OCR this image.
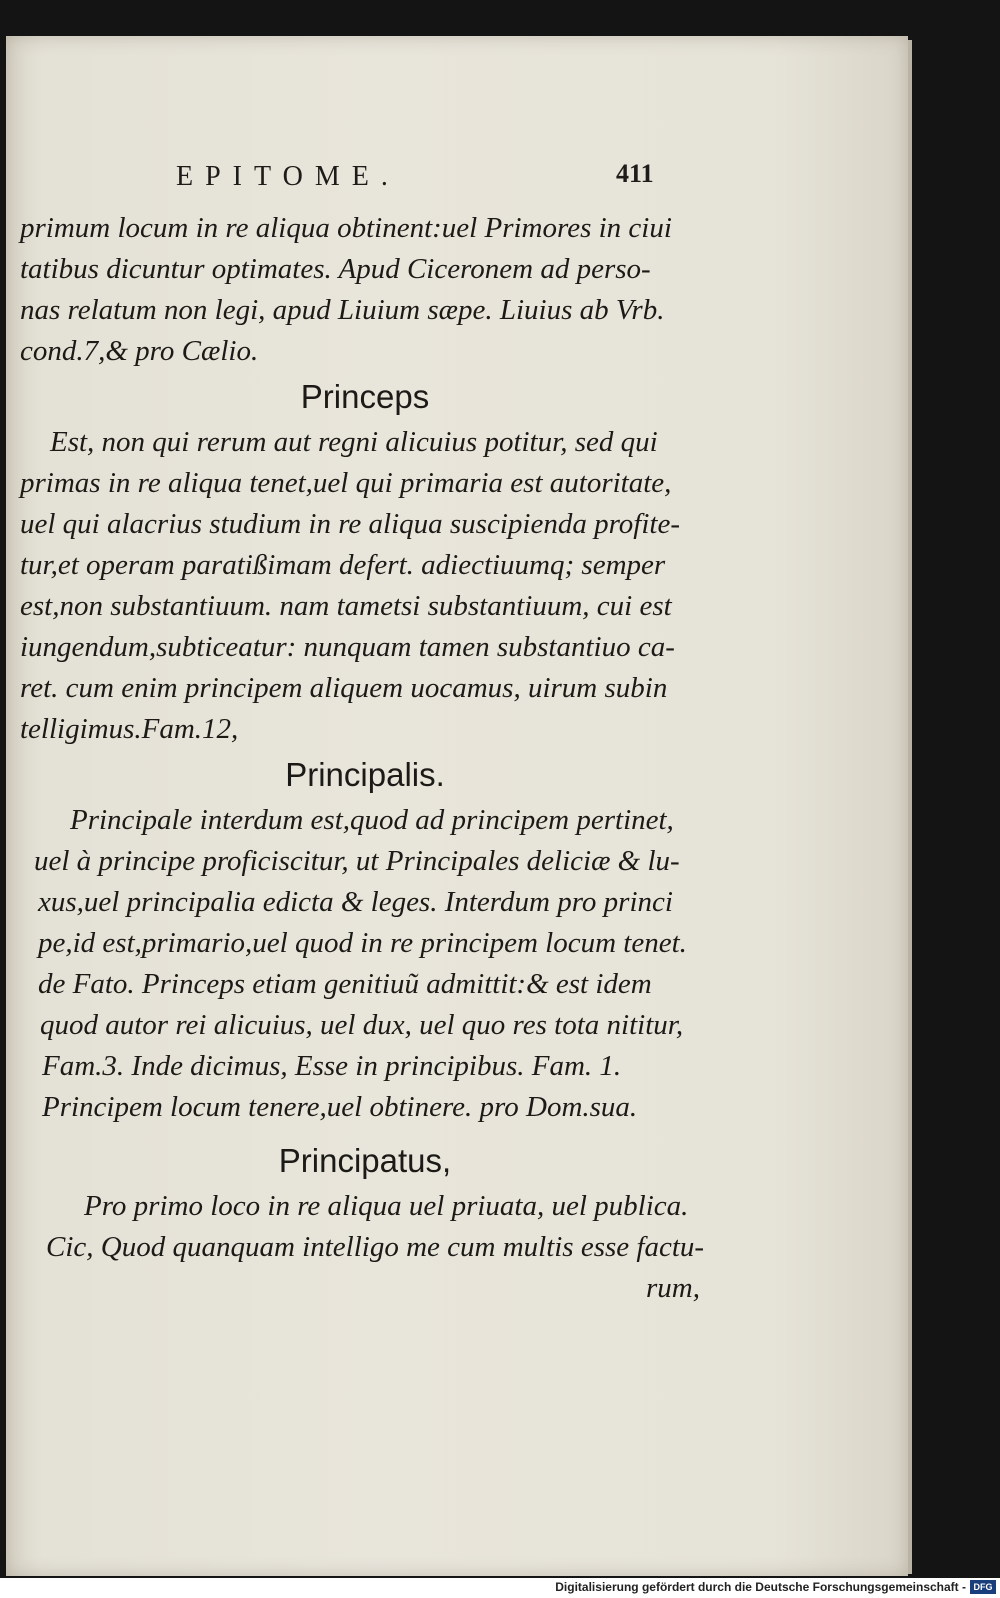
EPITOME.	411
primum locum in re aliqua obtinent:uel Primores in ciui
tatibus dicuntur optimates. Apud Ciceronem ad perso-
nas relatum non legi, apud Liuium sæpe. Liuius ab Vrb.
cond.7,& pro Cælio.
Princeps
Est, non qui rerum aut regni alicuius potitur, sed qui
primas in re aliqua tenet,uel qui primaria est autoritate,
uel qui alacrius studium in re aliqua suscipienda profite-
tur,et operam paratißimam defert. adiectiuumq; semper
est,non substantiuum. nam tametsi substantiuum, cui est
iungendum,subticeatur: nunquam tamen substantiuo ca-
ret. cum enim principem aliquem uocamus, uirum subin
telligimus.Fam.12,
Principalis.
Principale interdum est,quod ad principem pertinet,
uel à principe proficiscitur, ut Principales deliciæ & lu-
xus,uel principalia edicta & leges. Interdum pro princi
pe,id est,primario,uel quod in re principem locum tenet.
de Fato. Princeps etiam genitiuũ admittit:& est idem
quod autor rei alicuius, uel dux, uel quo res tota nititur,
Fam.3. Inde dicimus, Esse in principibus. Fam. 1.
Principem locum tenere,uel obtinere. pro Dom.sua.
Principatus,
Pro primo loco in re aliqua uel priuata, uel publica.
Cic, Quod quanquam intelligo me cum multis esse factu-
rum,
Digitalisierung gefördert durch die Deutsche Forschungsgemeinschaft - DFG
